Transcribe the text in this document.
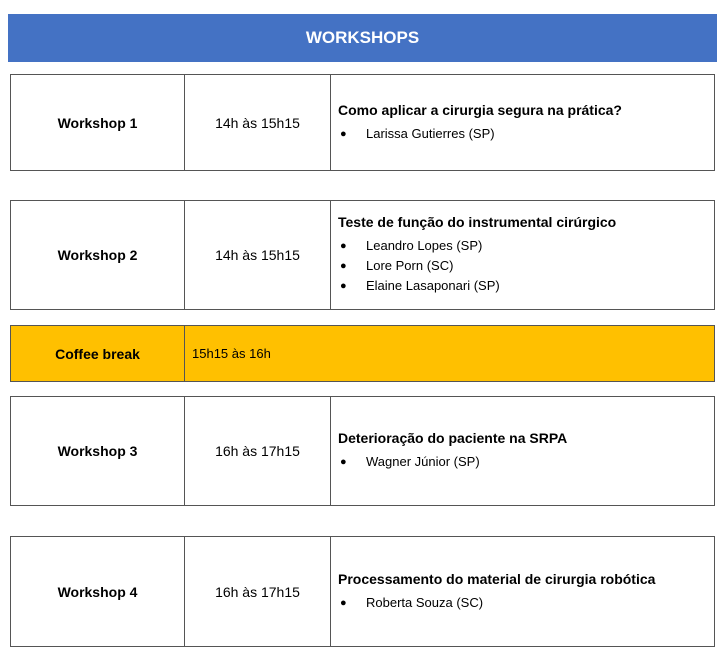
WORKSHOPS
Workshop 1	14h às 15h15
Como aplicar a cirurgia segura na prática?
●	Larissa Gutierres (SP)
Workshop 2	14h às 15h15
Teste de função do instrumental cirúrgico
●	Leandro Lopes (SP)
●	Lore Porn (SC)
●	Elaine Lasaponari (SP)
Coffee break	15h15 às 16h
Workshop 3	16h às 17h15
Deterioração do paciente na SRPA
●	Wagner Júnior (SP)
Workshop 4	16h às 17h15
Processamento do material de cirurgia robótica
●	Roberta Souza (SC)
